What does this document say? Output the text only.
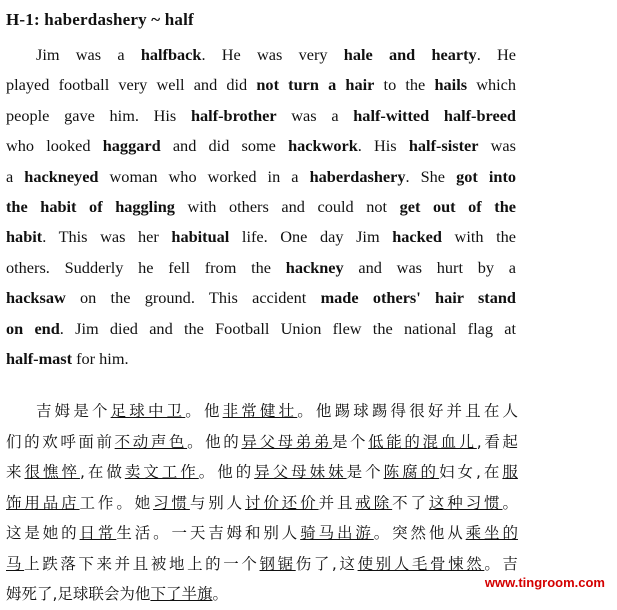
H-1: haberdashery ~ half
Jim was a halfback. He was very hale and hearty. He
played football very well and did not turn a hair to the hails which
people gave him. His half-brother was a half-witted half-breed
who looked haggard and did some hackwork. His half-sister was
a hackneyed woman who worked in a haberdashery. She got into
the habit of haggling with others and could not get out of the
habit. This was her habitual life. One day Jim hacked with the
others. Sudderly he fell from the hackney and was hurt by a
hacksaw on the ground. This accident made others' hair stand
on end. Jim died and the Football Union flew the national flag at
half-mast for him.
吉姆是个足球中卫。他非常健壮。他踢球踢得很好并且在人
们的欢呼面前不动声色。他的异父母弟弟是个低能的混血儿,看起
来很憔悴,在做卖文工作。他的异父母妹妹是个陈腐的妇女,在服
饰用品店工作。她习惯与别人讨价还价并且戒除不了这种习惯。
这是她的日常生活。一天吉姆和别人骑马出游。突然他从乘坐的
马上跌落下来并且被地上的一个钢锯伤了,这使别人毛骨悚然。吉
姆死了,足球联会为他下了半旗。
www.tingroom.com
